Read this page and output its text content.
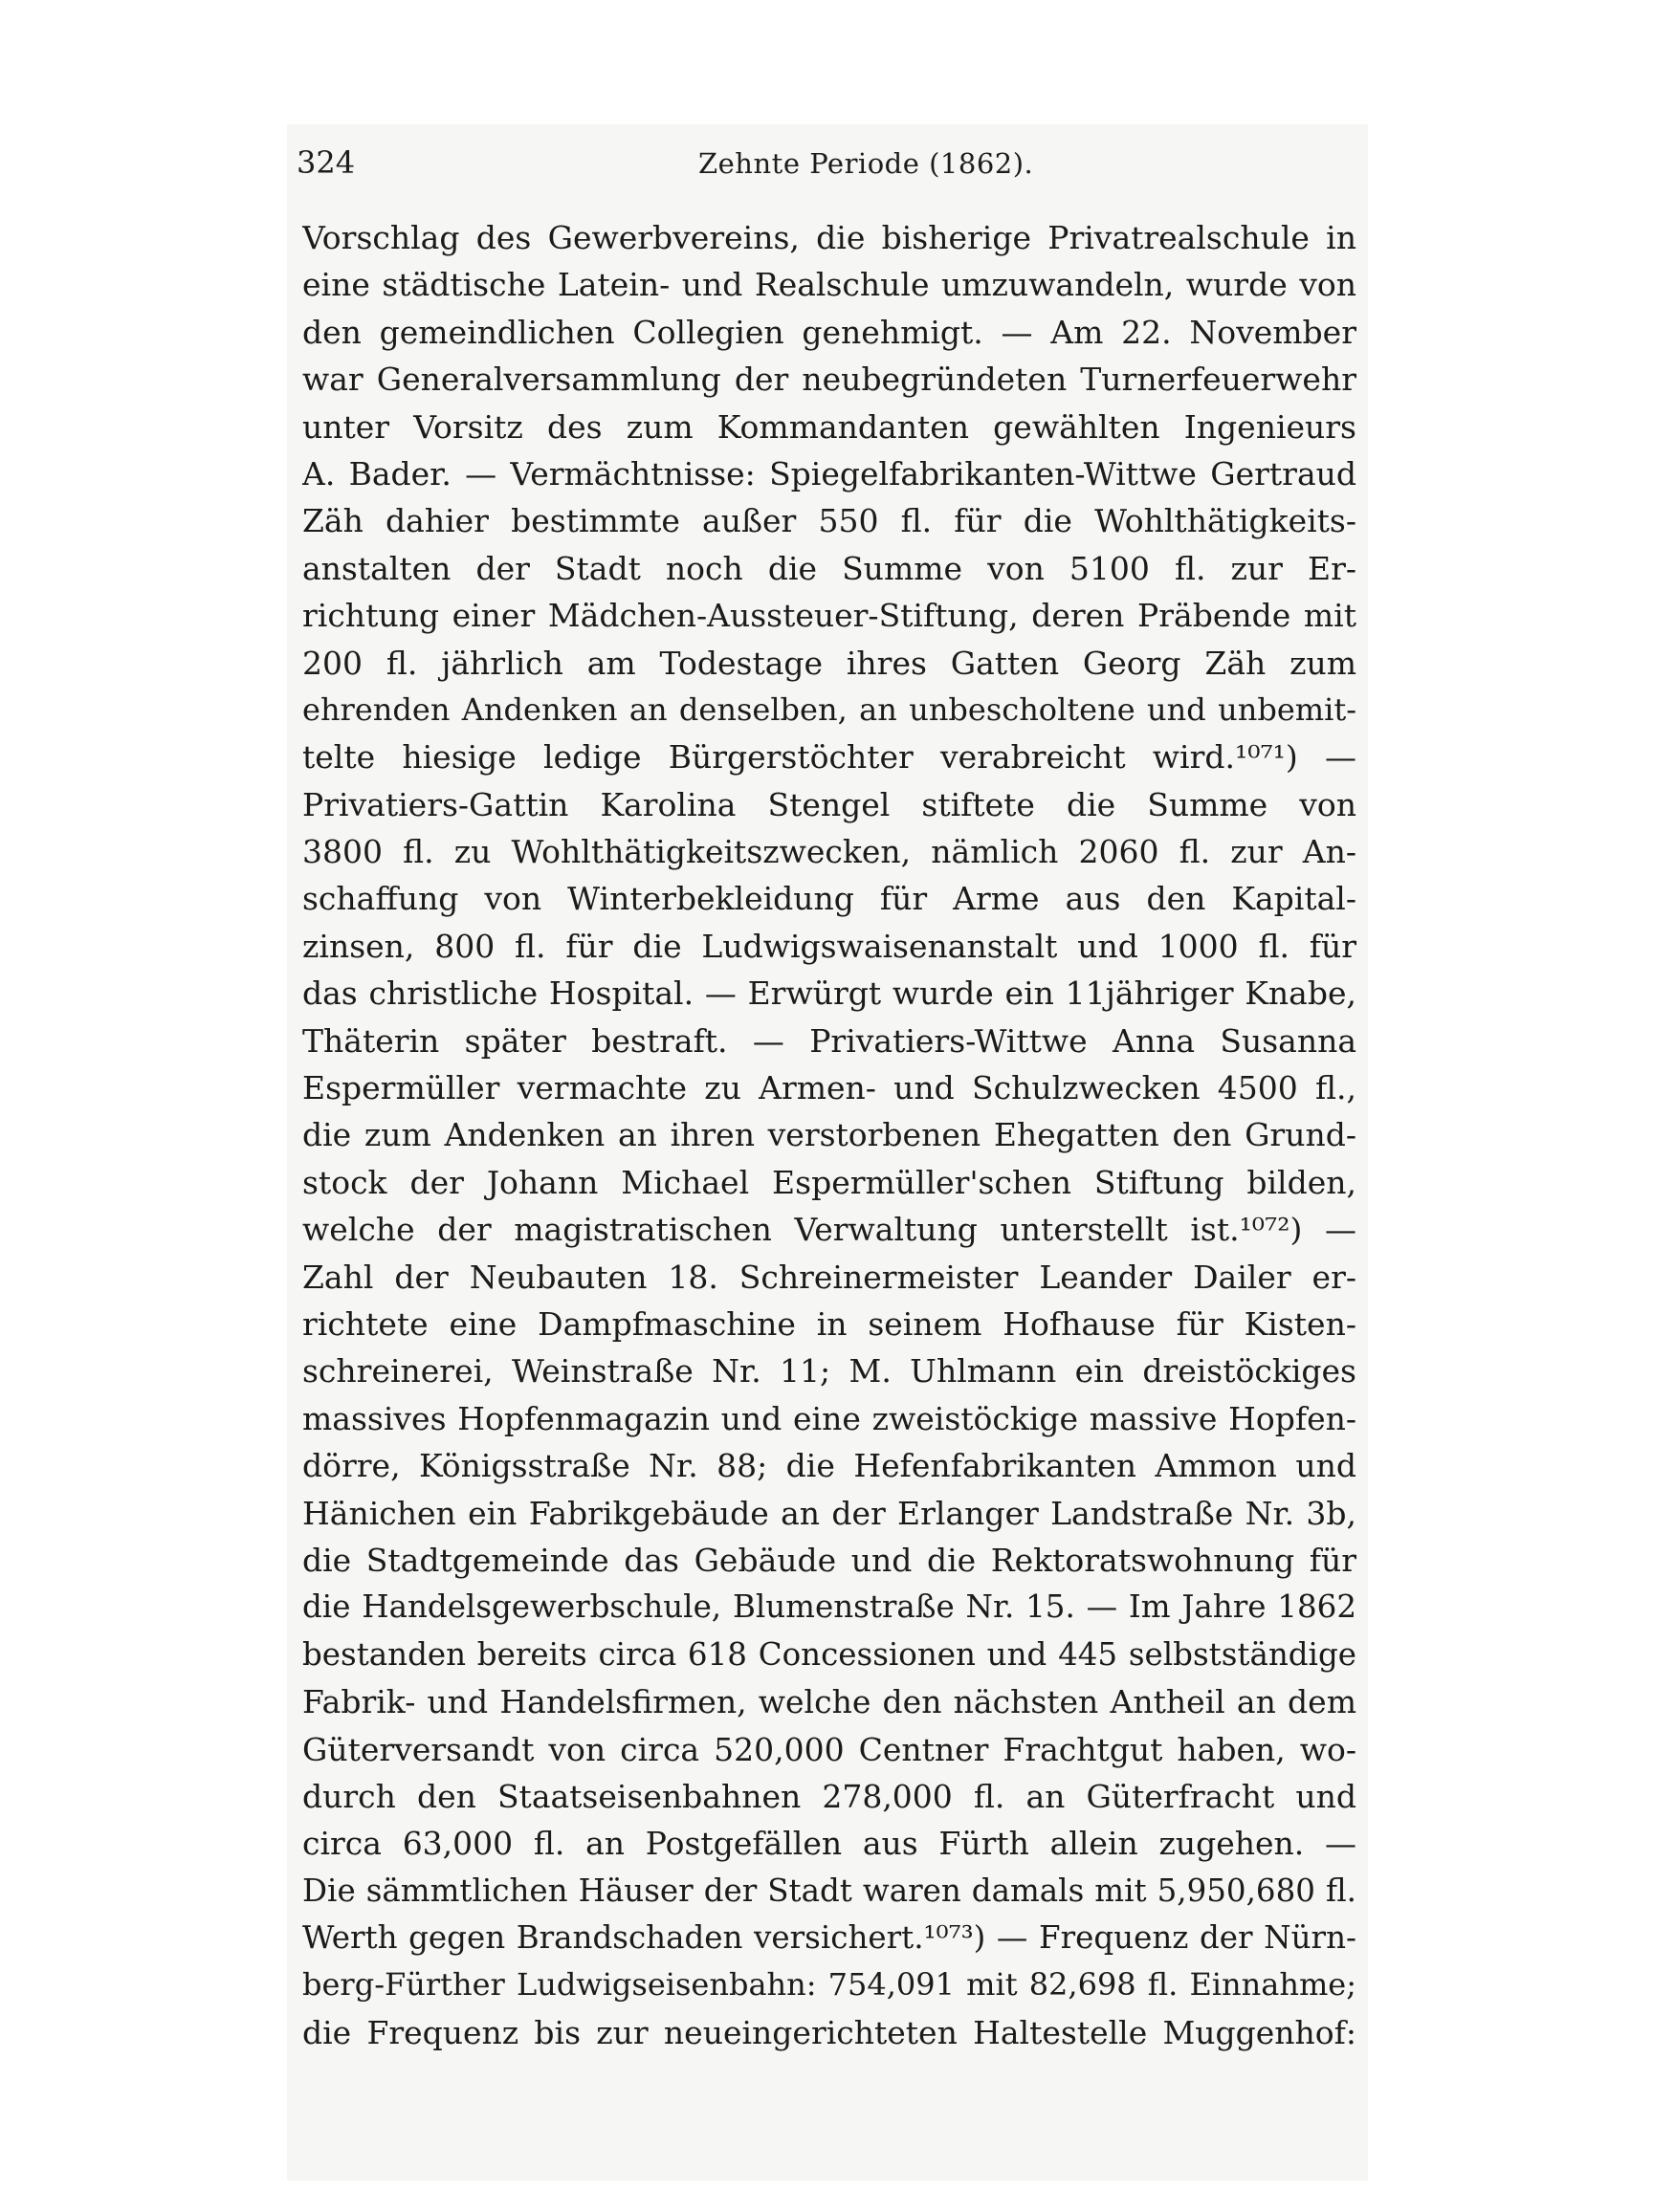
324	Zehnte Periode (1862).
Vorschlag des Gewerbvereins, die bisherige Privatrealschule in
eine städtische Latein- und Realschule umzuwandeln, wurde von
den gemeindlichen Collegien genehmigt. — Am 22. November
war Generalversammlung der neubegründeten Turnerfeuerwehr
unter Vorsitz des zum Kommandanten gewählten Ingenieurs
A. Bader. — Vermächtnisse: Spiegelfabrikanten-Wittwe Gertraud
Zäh dahier bestimmte außer 550 fl. für die Wohlthätigkeits-
anstalten der Stadt noch die Summe von 5100 fl. zur Er-
richtung einer Mädchen-Aussteuer-Stiftung, deren Präbende mit
200 fl. jährlich am Todestage ihres Gatten Georg Zäh zum
ehrenden Andenken an denselben, an unbescholtene und unbemit-
telte hiesige ledige Bürgerstöchter verabreicht wird.¹⁰⁷¹) —
Privatiers-Gattin Karolina Stengel stiftete die Summe von
3800 fl. zu Wohlthätigkeitszwecken, nämlich 2060 fl. zur An-
schaffung von Winterbekleidung für Arme aus den Kapital-
zinsen, 800 fl. für die Ludwigswaisenanstalt und 1000 fl. für
das christliche Hospital. — Erwürgt wurde ein 11jähriger Knabe,
Thäterin später bestraft. — Privatiers-Wittwe Anna Susanna
Espermüller vermachte zu Armen- und Schulzwecken 4500 fl.,
die zum Andenken an ihren verstorbenen Ehegatten den Grund-
stock der Johann Michael Espermüller'schen Stiftung bilden,
welche der magistratischen Verwaltung unterstellt ist.¹⁰⁷²) —
Zahl der Neubauten 18. Schreinermeister Leander Dailer er-
richtete eine Dampfmaschine in seinem Hofhause für Kisten-
schreinerei, Weinstraße Nr. 11; M. Uhlmann ein dreistöckiges
massives Hopfenmagazin und eine zweistöckige massive Hopfen-
dörre, Königsstraße Nr. 88; die Hefenfabrikanten Ammon und
Hänichen ein Fabrikgebäude an der Erlanger Landstraße Nr. 3b,
die Stadtgemeinde das Gebäude und die Rektoratswohnung für
die Handelsgewerbschule, Blumenstraße Nr. 15. — Im Jahre 1862
bestanden bereits circa 618 Concessionen und 445 selbstständige
Fabrik- und Handelsfirmen, welche den nächsten Antheil an dem
Güterversandt von circa 520,000 Centner Frachtgut haben, wo-
durch den Staatseisenbahnen 278,000 fl. an Güterfracht und
circa 63,000 fl. an Postgefällen aus Fürth allein zugehen. —
Die sämmtlichen Häuser der Stadt waren damals mit 5,950,680 fl.
Werth gegen Brandschaden versichert.¹⁰⁷³) — Frequenz der Nürn-
berg-Fürther Ludwigseisenbahn: 754,091 mit 82,698 fl. Einnahme;
die Frequenz bis zur neueingerichteten Haltestelle Muggenhof:
